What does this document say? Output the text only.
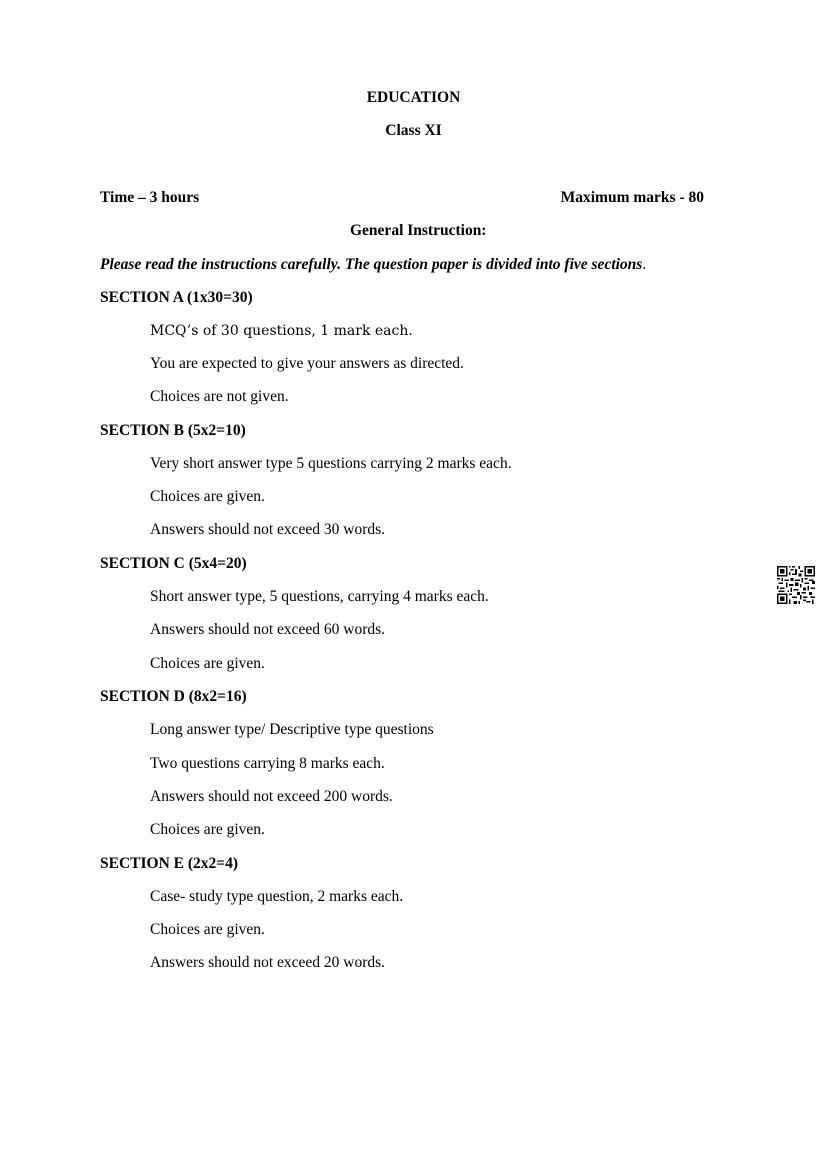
EDUCATION
Class XI
Time – 3 hours	Maximum marks - 80
General Instruction:
Please read the instructions carefully. The question paper is divided into five sections.
SECTION A (1x30=30)
MCQ’s of 30 questions, 1 mark each.
You are expected to give your answers as directed.
Choices are not given.
SECTION B (5x2=10)
Very short answer type 5 questions carrying 2 marks each.
Choices are given.
Answers should not exceed 30 words.
SECTION C (5x4=20)
Short answer type, 5 questions, carrying 4 marks each.
Answers should not exceed 60 words.
Choices are given.
SECTION D (8x2=16)
Long answer type/ Descriptive type questions
Two questions carrying 8 marks each.
Answers should not exceed 200 words.
Choices are given.
SECTION E (2x2=4)
Case- study type question, 2 marks each.
Choices are given.
Answers should not exceed 20 words.
